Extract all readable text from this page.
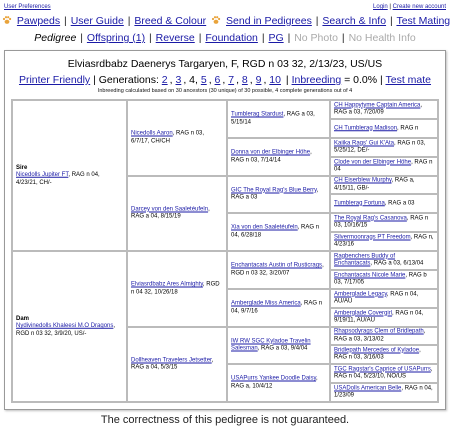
User Preferences	Login | Create new account
Pawpeds | User Guide | Breed & Colour Send in Pedigrees | Search & Info | Test Mating
Pedigree | Offspring (1) | Reverse | Foundation | PG | No Photo | No Health Info
Elviasrdbabz Daenerys Targaryen, F, RGD n 03 32, 2/13/23, US/US
Printer Friendly | Generations: 2 , 3 , 4, 5 , 6 , 7 , 8 , 9 , 10 | Inbreeding = 0.0% | Test mate
Inbreeding calculated based on 30 ancestors (30 unique) of 30 possible, 4 complete generations out of 4
Sire
Nicedolls Jupiter FT, RAG n 04, 4/23/21, CH/-
Dam
Nydivinedolls Khaleesi M.O Dragons, RGD n 03 32, 3/9/20, US/-
Nicedolls Aaron, RAG n 03, 6/7/17, CH/CH
Darcey von den Saaletéufeln, RAG a 04, 8/15/19
Elviasrdbabz Ares Almighty, RGD n 04 32, 10/26/18
Dollheaven Travelers Jetsetter, RAG a 04, 5/3/15
Tumblerag Stardust, RAG a 03, 5/15/14
Donna von der Elbinger Höhe, RAG n 03, 7/14/14
GIC The Royal Rag's Blue Berry, RAG a 03
Xia von den Saaletéufeln, RAG n 04, 6/28/18
Enchantacats Austin of Rusticrags, RGD n 03 32, 3/20/07
Amberglade Miss America, RAG n 04, 9/7/16
IW RW SGC Kyladoe Travelin Salesman, RAG a 03, 9/4/04
USAPurrs Yankee Doodle Daisy, RAG a, 10/4/12
CH Happytyme Captain America, RAG a 03, 7/20/09
CH Tumblerag Madison, RAG n
Kaiika Rags' Gui K'Ata, RAG n 03, 5/25/12, DE/-
Clode von der Elbinger Höhe, RAG n 04
CH Eiserblew Murphy, RAG a, 4/15/11, GB/-
Tumblerag Fortuna, RAG a 03
The Royal Rag's Casanova, RAG n 03, 10/16/15
Silvermoonrags PT Freedom, RAG n, 4/23/16
Ragbenchers Buddy of Enchantacats, RAG a 03, 6/13/04
Enchantacats Nicole Marie, RAG b 03, 7/17/05
Amberglade Legacy, RAG n 04, AU/AU
Amberglade Covergirl, RAG n 04, 9/19/11, AU/AU
Rhapsodyrags Clem of Bridlepath, RAG a 03, 3/13/02
Bridlepath Mercedes of Kyladoe, RAG n 03, 3/16/03
TGC Ragstar's Caprice of USAPurrs, RAG n 04, 5/23/10, NO/US
USADolls American Belle, RAG n 04, 1/23/09
The correctness of this pedigree is not guaranteed.
